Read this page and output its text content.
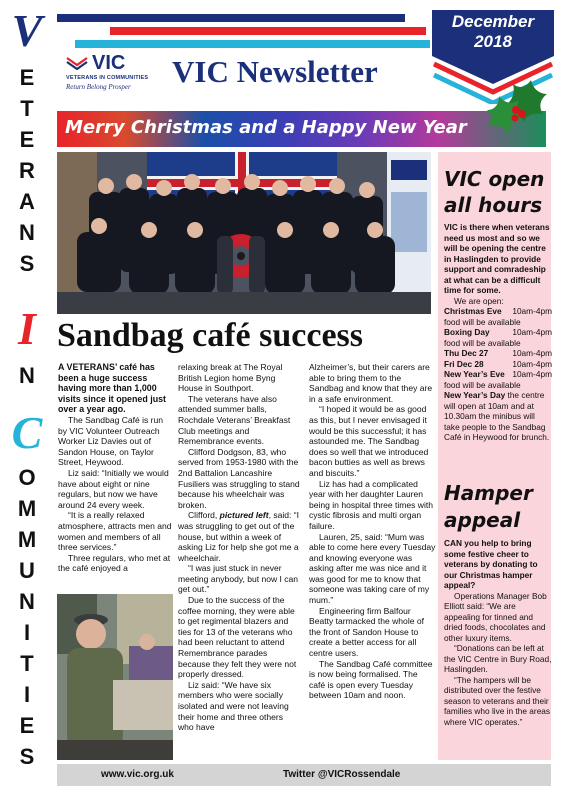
V
E
T
E
R
A
N
S
I
N
C
O
M
M
U
N
I
T
I
E
S
VIC
VETERANS IN COMMUNITIES
Return Belong Prosper VIC Newsletter
December
2018
Merry Christmas and a Happy New Year
Sandbag café success

A VETERANS’ café has been a huge success having more than 1,000 visits since it opened just over a year ago.

The Sandbag Café is run by VIC Volunteer Outreach Worker Liz Davies out of Sandon House, on Taylor Street, Heywood.

Liz said: “Initially we would have about eight or nine regulars, but now we have around 24 every week.

“It is a really relaxed atmosphere, attracts men and women and members of all three services.”

Three regulars, who met at the café enjoyed a

relaxing break at The Royal British Legion home Byng House in Southport.

The veterans have also attended summer balls, Rochdale Veterans’ Breakfast Club meetings and Remembrance events.

Clifford Dodgson, 83, who served from 1953-1980 with the 2nd Battalion Lancashire Fusiliers was struggling to stand because his wheelchair was broken.

Clifford, pictured left, said: “I was struggling to get out of the house, but within a week of asking Liz for help she got me a wheelchair.

“I was just stuck in never meeting anybody, but now I can get out.”

Due to the success of the coffee morning, they were able to get regimental blazers and ties for 13 of the veterans who had been reluctant to attend Remembrance parades because they felt they were not properly dressed.

Liz said: “We have six members who were socially isolated and were not leaving their home and three others who have

Alzheimer’s, but their carers are able to bring them to the Sandbag and know that they are in a safe environment.

“I hoped it would be as good as this, but I never envisaged it would be this successful; it has astounded me. The Sandbag does so well that we introduced bacon butties as well as brews and biscuits.”

Liz has had a complicated year with her daughter Lauren being in hospital three times with cystic fibrosis and multi organ failure.

Lauren, 25, said: “Mum was able to come here every Tuesday and knowing everyone was asking after me was nice and it was good for me to know that someone was taking care of my mum.”

Engineering firm Balfour Beatty tarmacked the whole of the front of Sandon House to create a better access for all centre users.

The Sandbag Café committee is now being formalised. The café is open every Tuesday between 10am and noon.

VIC open
all hours

VIC is there when veterans need us most and so we will be opening the centre in Haslingden to provide support and comradeship at what can be a difficult time for some.

We are open:

Christmas Eve 10am-4pm

food will be available

Boxing Day	10am-4pm

food will be available

Thu Dec 27	10am-4pm
Fri Dec 28	10am-4pm
New Year’s Eve 10am-4pm

food will be available

New Year’s Day the centre will open at 10am and at 10.30am the minibus will take people to the Sandbag Café in Heywood for brunch.

Hamper
appeal

CAN you help to bring some festive cheer to veterans by donating to our Christmas hamper appeal?

Operations Manager Bob Elliott said: “We are appealing for tinned and dried foods, chocolates and other luxury items.

“Donations can be left at the VIC Centre in Bury Road, Haslingden.

“The hampers will be distributed over the festive season to veterans and their families who live in the areas where VIC operates.”

www.vic.org.uk	Twitter @VICRossendale
